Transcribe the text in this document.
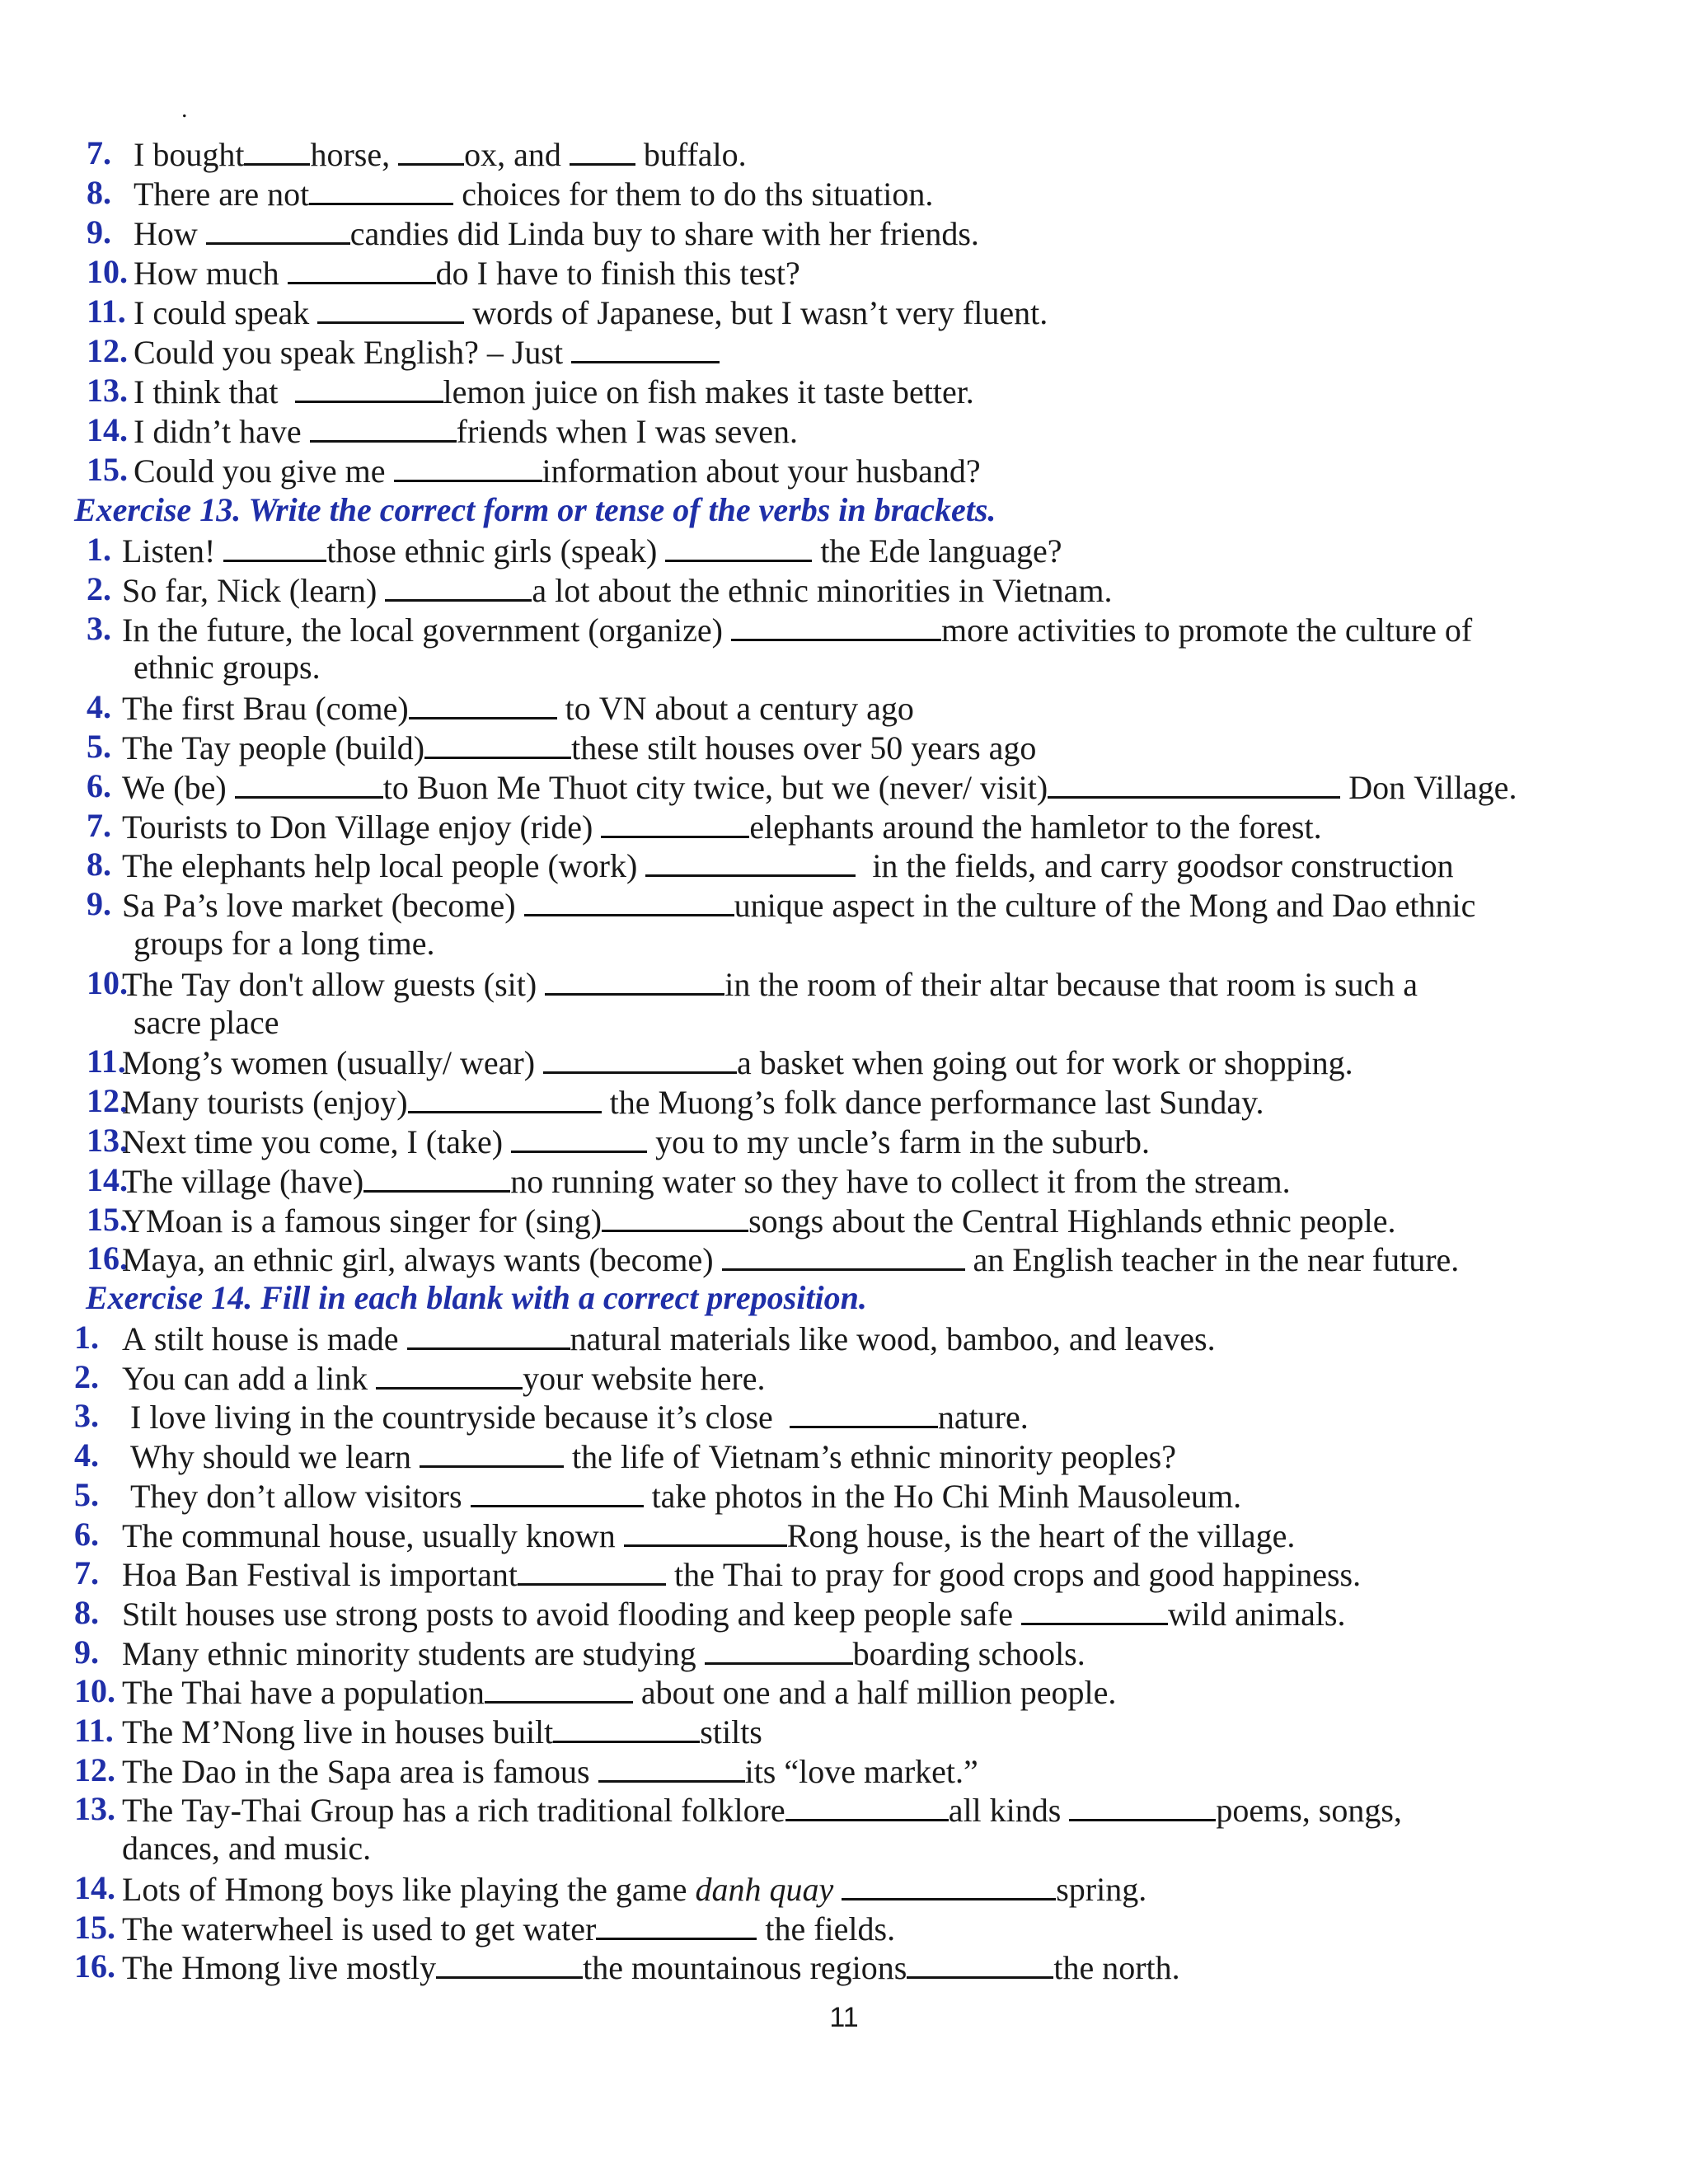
.
7. I bought horse, ox, and  buffalo.
8. There are not	choices for them to do ths situation.
9. How	candies did Linda buy to share with her friends.
10. How much	do I have to finish this test?
11. I could speak	words of Japanese, but I wasn’t very fluent.
12. Could you speak English? – Just
13. I think that	lemon juice on fish makes it taste better.
14. I didn’t have	friends when I was seven.
15. Could you give me	information about your husband?
Exercise 13. Write the correct form or tense of the verbs in brackets.
1. Listen!	those ethnic girls (speak)	the Ede language?
2. So far, Nick (learn)	a lot about the ethnic minorities in Vietnam.
3. In the future, the local government (organize)	more activities to promote the culture of
ethnic groups.
4. The first Brau (come)	to VN about a century ago
5. The Tay people (build)	these stilt houses over 50 years ago
6. We (be)	to Buon Me Thuot city twice, but we (never/ visit)	Don Village.
7. Tourists to Don Village enjoy (ride)	elephants around the hamletor to the forest.
8. The elephants help local people (work)	in the fields, and carry goodsor construction
9. Sa Pa’s love market (become)	unique aspect in the culture of the Mong and Dao ethnic
groups for a long time.
10.
The Tay don't allow guests (sit)	in the room of their altar because that room is such a
sacre place
11.
Mong’s women (usually/ wear)	a basket when going out for work or shopping.
12.
Many tourists (enjoy)	the Muong’s folk dance performance last Sunday.
13.
Next time you come, I (take)	you to my uncle’s farm in the suburb.
14.
The village (have)	no running water so they have to collect it from the stream.
15.
YMoan is a famous singer for (sing)	songs about the Central Highlands ethnic people.
16.
Maya, an ethnic girl, always wants (become)	an English teacher in the near future.
Exercise 14. Fill in each blank with a correct preposition.
1. A stilt house is made	natural materials like wood, bamboo, and leaves.
2. You can add a link	your website here.
3. I love living in the countryside because it’s close	nature.
4. Why should we learn	the life of Vietnam’s ethnic minority peoples?
5. They don’t allow visitors	take photos in the Ho Chi Minh Mausoleum.
6. The communal house, usually known	Rong house, is the heart of the village.
7. Hoa Ban Festival is important	the Thai to pray for good crops and good happiness.
8. Stilt houses use strong posts to avoid flooding and keep people safe	wild animals.
9. Many ethnic minority students are studying	boarding schools.
10. The Thai have a population	about one and a half million people.
11. The M’Nong live in houses built	stilts
12. The Dao in the Sapa area is famous	its “love market.”
13. The Tay-Thai Group has a rich traditional folklore	all kinds	poems, songs,
dances, and music.
14. Lots of Hmong boys like playing the game danh quay	spring.
15. The waterwheel is used to get water	the fields.
16. The Hmong live mostly	the mountainous regions	the north.
11
